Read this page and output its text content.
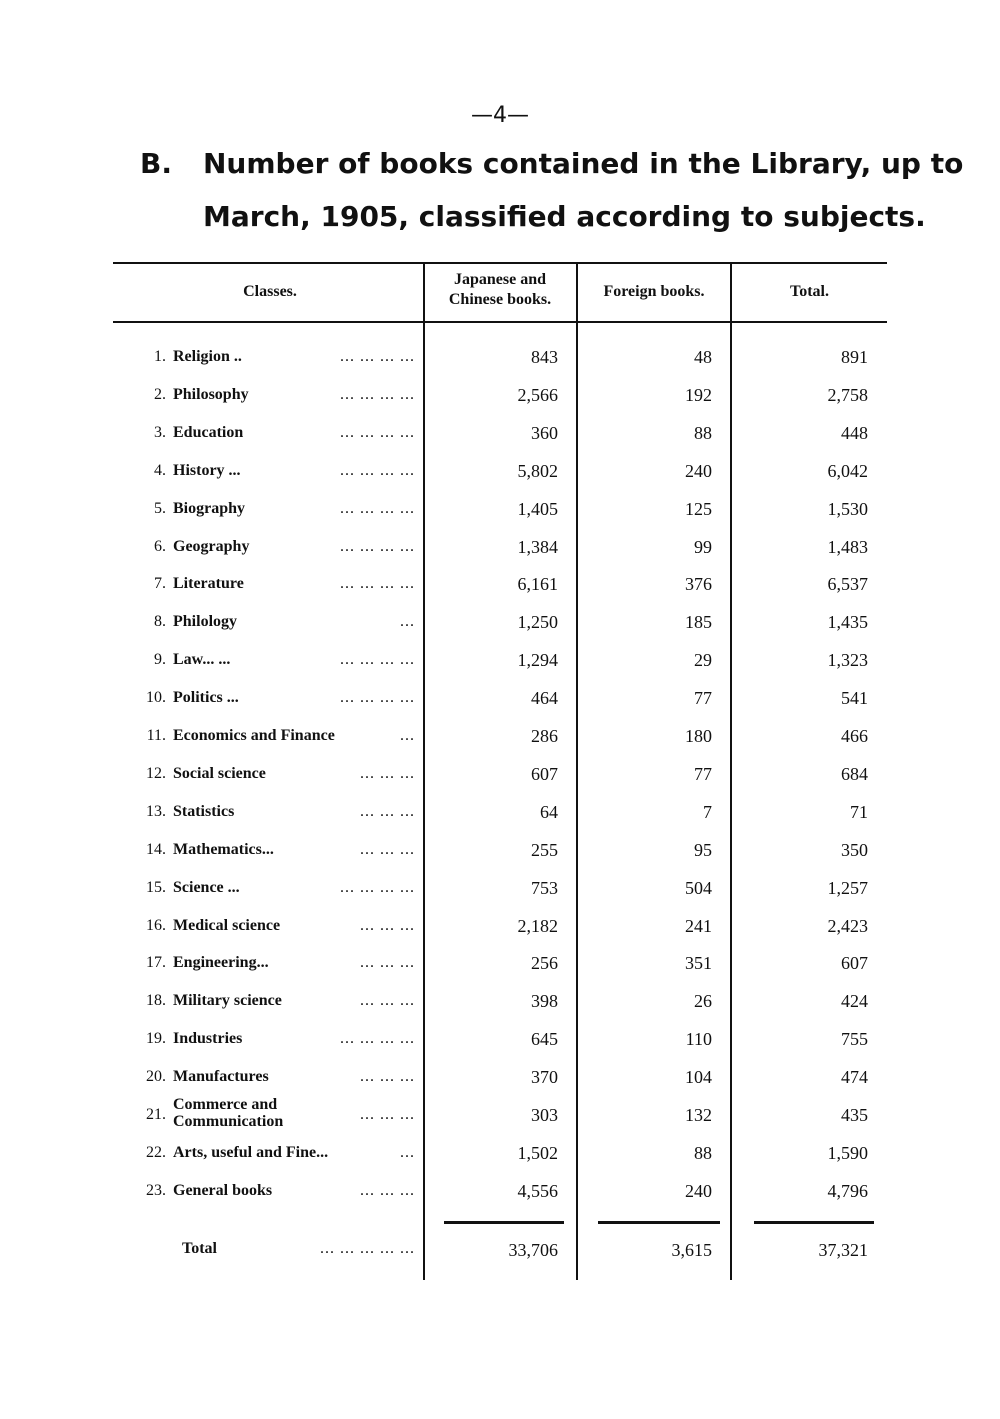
—4—
B. Number of books contained in the Library, up to
March, 1905, classified according to subjects.
Classes.
Japanese and
Chinese books.	Foreign books.	Total.
1. Religion ..	... ... ... ...	843	48	891
2. Philosophy	... ... ... ...	2,566	192	2,758
3. Education	... ... ... ...	360	88	448
4. History ...	... ... ... ...	5,802	240	6,042
5. Biography	... ... ... ...	1,405	125	1,530
6. Geography	... ... ... ...	1,384	99	1,483
7. Literature	... ... ... ...	6,161	376	6,537
8. Philology	...	1,250	185	1,435
9. Law... ...	... ... ... ...	1,294	29	1,323
10. Politics ...	... ... ... ...	464	77	541
11. Economics and Finance	...	286	180	466
12. Social science	... ... ...	607	77	684
13. Statistics	... ... ...	64	7	71
14. Mathematics...	... ... ...	255	95	350
15. Science ...	... ... ... ...	753	504	1,257
16. Medical science	... ... ...	2,182	241	2,423
17. Engineering...	... ... ...	256	351	607
18. Military science	... ... ...	398	26	424
19. Industries	... ... ... ...	645	110	755
20. Manufactures	... ... ...	370	104	474
21.
Commerce and
Communication	... ... ...	303	132	435
22. Arts, useful and Fine...	...	1,502	88	1,590
23. General books	... ... ...	4,556	240	4,796
Total	... ... ... ... ...	33,706	3,615	37,321
